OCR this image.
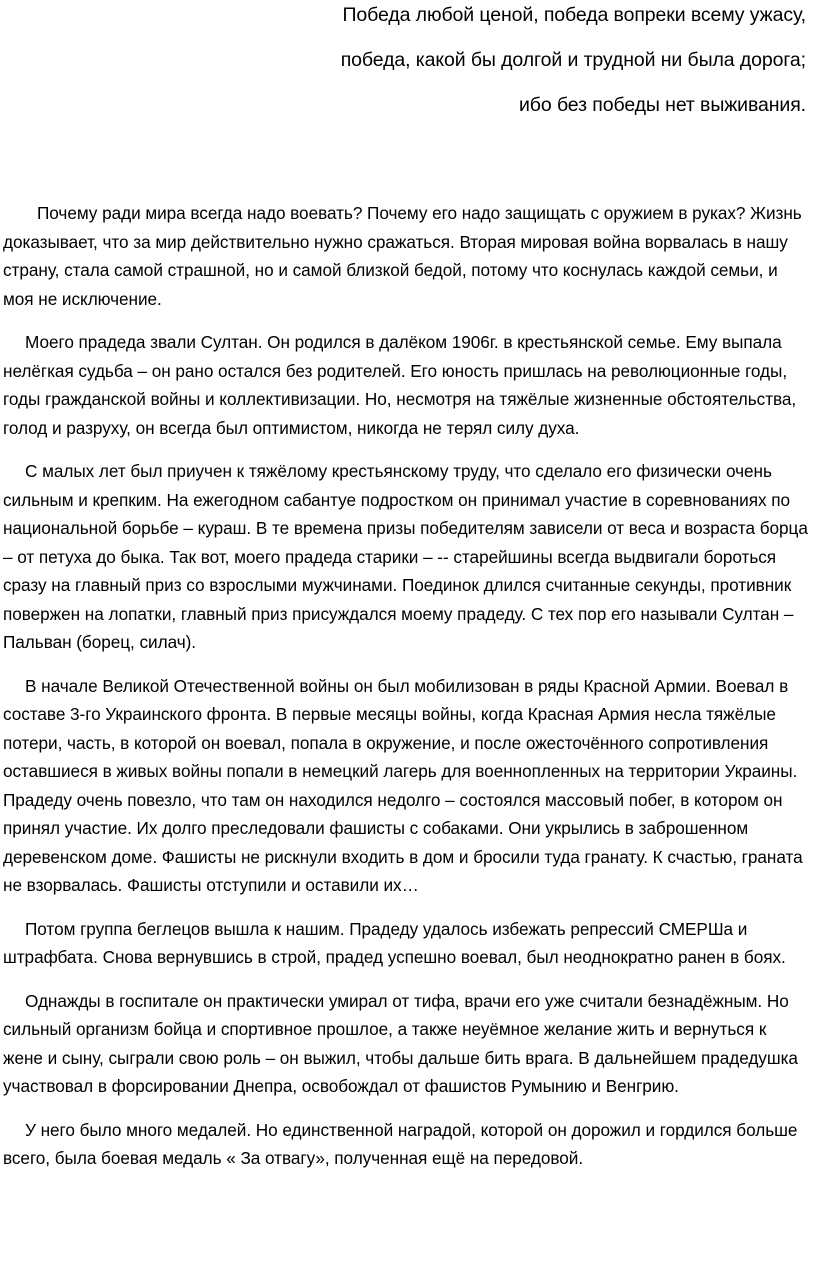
Победа любой ценой, победа вопреки всему ужасу,
победа, какой бы долгой и трудной ни была дорога;
ибо без победы нет выживания.

Почему ради мира всегда надо воевать? Почему его надо защищать с оружием в руках? Жизнь доказывает, что за мир действительно нужно сражаться. Вторая мировая война ворвалась в нашу страну, стала самой страшной, но и самой близкой бедой, потому что коснулась каждой семьи, и моя не исключение.

Моего прадеда звали Султан. Он родился в далёком 1906г. в крестьянской семье. Ему выпала нелёгкая судьба – он рано остался без родителей. Его юность пришлась на революционные годы, годы гражданской войны и коллективизации. Но, несмотря на тяжёлые жизненные обстоятельства, голод и разруху, он всегда был оптимистом, никогда не терял силу духа.

С малых лет был приучен к тяжёлому крестьянскому труду, что сделало его физически очень сильным и крепким. На ежегодном сабантуе подростком он принимал участие в соревнованиях по национальной борьбе – кураш. В те времена призы победителям зависели от веса и возраста борца – от петуха до быка. Так вот, моего прадеда старики – -- старейшины всегда выдвигали бороться сразу на главный приз со взрослыми мужчинами. Поединок длился считанные секунды, противник повержен на лопатки, главный приз присуждался моему прадеду. С тех пор его называли Султан – Пальван (борец, силач).

В начале Великой Отечественной войны он был мобилизован в ряды Красной Армии. Воевал в составе 3-го Украинского фронта. В первые месяцы войны, когда Красная Армия несла тяжёлые потери, часть, в которой он воевал, попала в окружение, и после ожесточённого сопротивления оставшиеся в живых войны попали в немецкий лагерь для военнопленных на территории Украины. Прадеду очень повезло, что там он находился недолго – состоялся массовый побег, в котором он принял участие. Их долго преследовали фашисты с собаками. Они укрылись в заброшенном деревенском доме. Фашисты не рискнули входить в дом и бросили туда гранату. К счастью, граната не взорвалась. Фашисты отступили и оставили их…

Потом группа беглецов вышла к нашим. Прадеду удалось избежать репрессий СМЕРШа и штрафбата. Снова вернувшись в строй, прадед успешно воевал, был неоднократно ранен в боях.

Однажды в госпитале он практически умирал от тифа, врачи его уже считали безнадёжным. Но сильный организм бойца и спортивное прошлое, а также неуёмное желание жить и вернуться к жене и сыну, сыграли свою роль – он выжил, чтобы дальше бить врага. В дальнейшем прадедушка участвовал в форсировании Днепра, освобождал от фашистов Румынию и Венгрию.

У него было много медалей. Но единственной наградой, которой он дорожил и гордился больше всего, была боевая медаль « За отвагу», полученная ещё на передовой.
